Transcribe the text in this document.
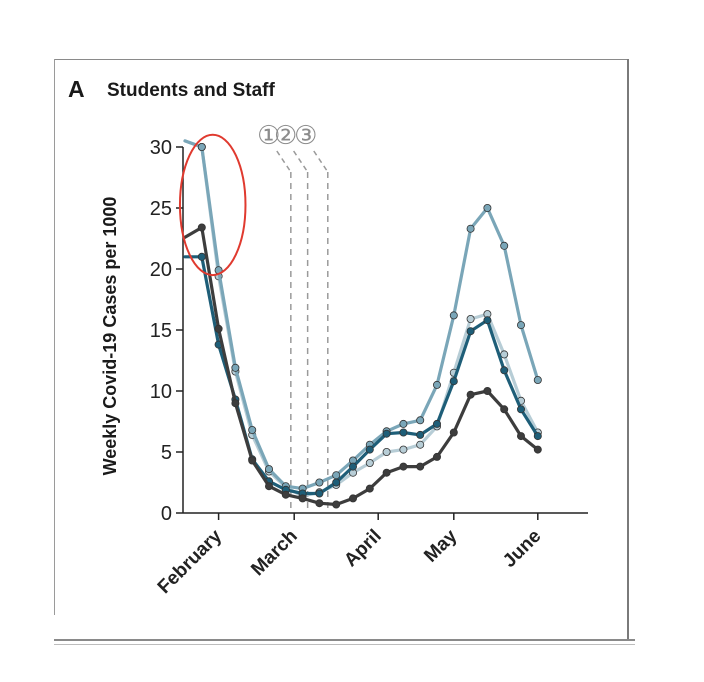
A Students and Staff
①
②
③
0
5
10
15
20
25
30
February March April May June
Weekly Covid-19 Cases per 1000
